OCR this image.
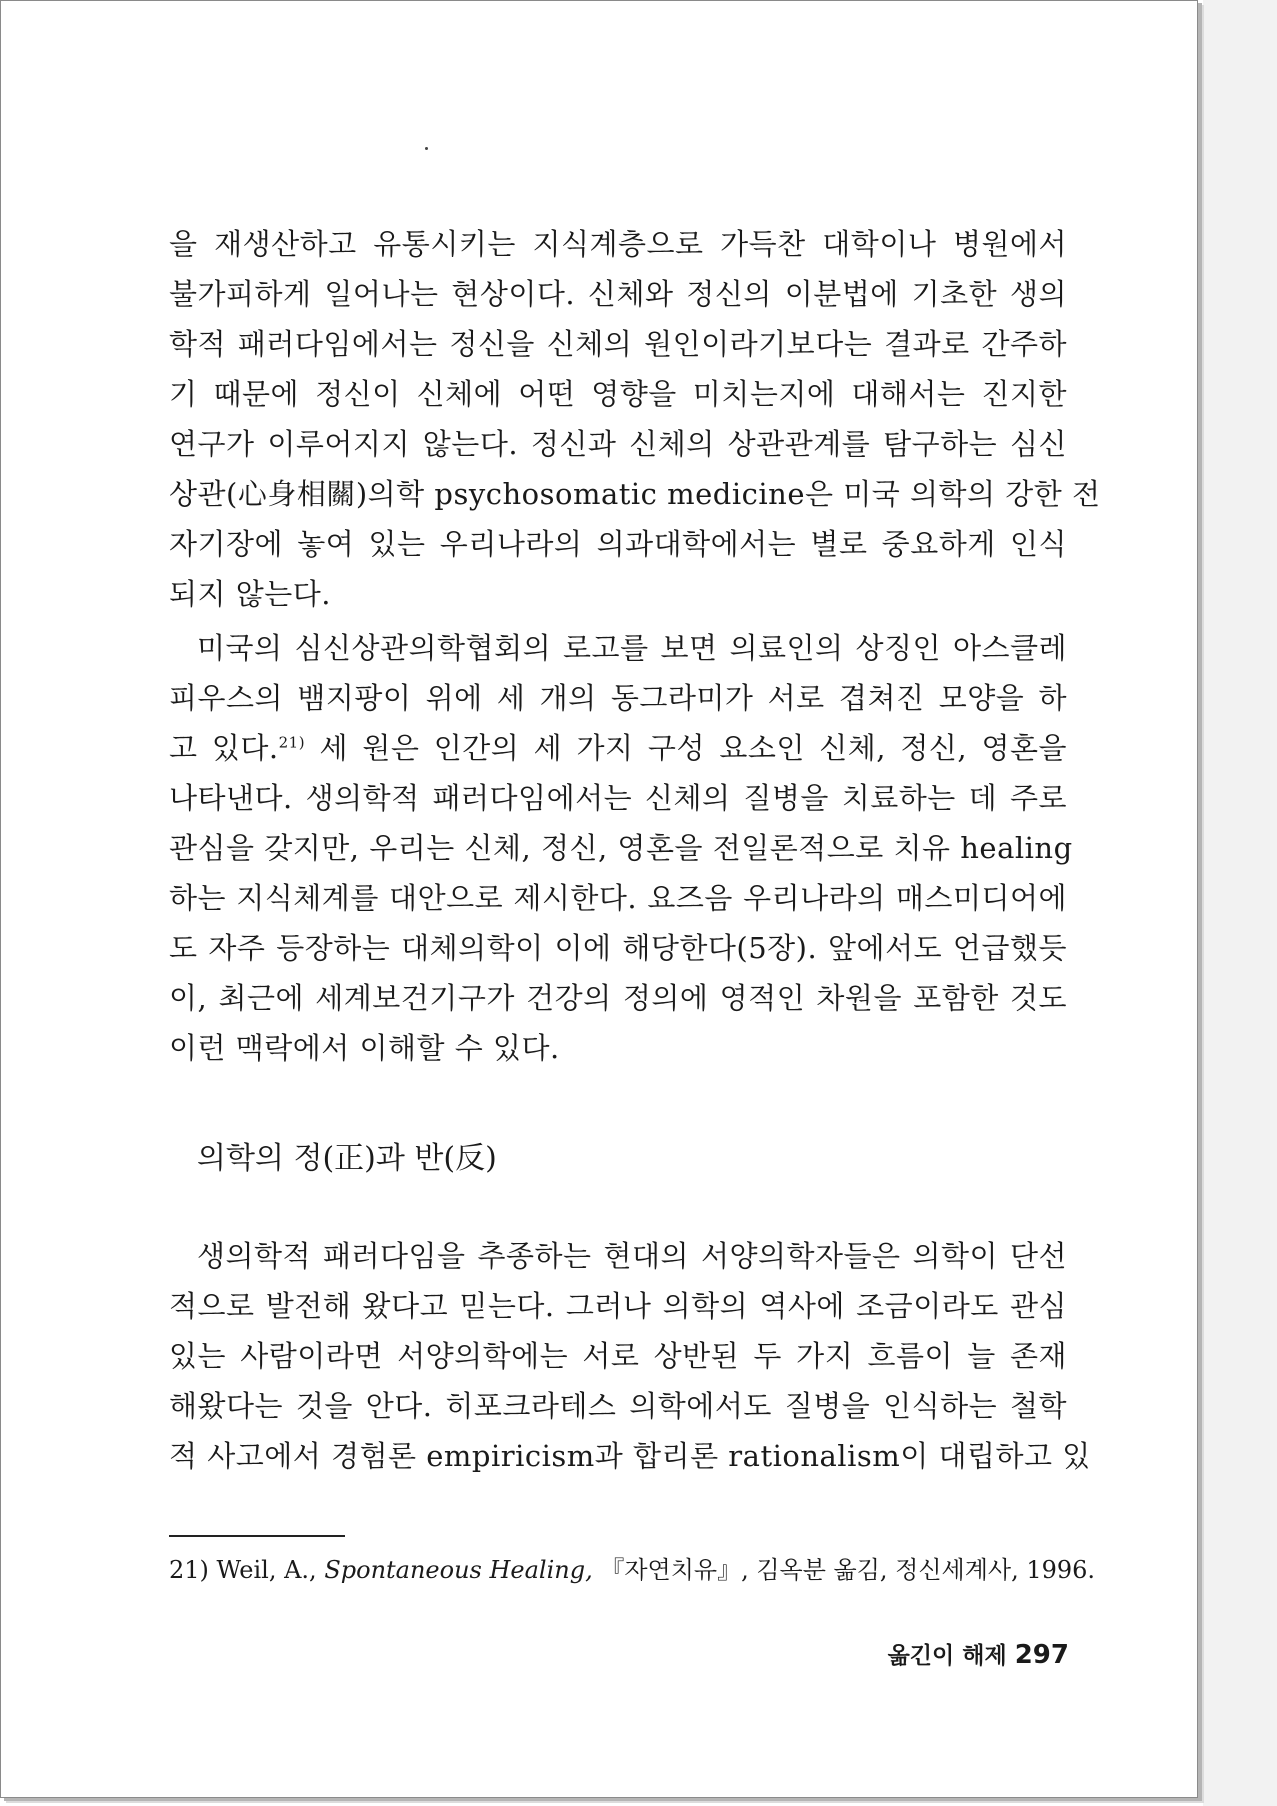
을 재생산하고 유통시키는 지식계층으로 가득찬 대학이나 병원에서
불가피하게 일어나는 현상이다. 신체와 정신의 이분법에 기초한 생의
학적 패러다임에서는 정신을 신체의 원인이라기보다는 결과로 간주하
기 때문에 정신이 신체에 어떤 영향을 미치는지에 대해서는 진지한
연구가 이루어지지 않는다. 정신과 신체의 상관관계를 탐구하는 심신
상관(心身相關)의학 psychosomatic medicine은 미국 의학의 강한 전
자기장에 놓여 있는 우리나라의 의과대학에서는 별로 중요하게 인식
되지 않는다.
미국의 심신상관의학협회의 로고를 보면 의료인의 상징인 아스클레
피우스의 뱀지팡이 위에 세 개의 동그라미가 서로 겹쳐진 모양을 하
고 있다.$^{21)}$ 세 원은 인간의 세 가지 구성 요소인 신체, 정신, 영혼을
나타낸다. 생의학적 패러다임에서는 신체의 질병을 치료하는 데 주로
관심을 갖지만, 우리는 신체, 정신, 영혼을 전일론적으로 치유 healing
하는 지식체계를 대안으로 제시한다. 요즈음 우리나라의 매스미디어에
도 자주 등장하는 대체의학이 이에 해당한다(5장). 앞에서도 언급했듯
이, 최근에 세계보건기구가 건강의 정의에 영적인 차원을 포함한 것도
이런 맥락에서 이해할 수 있다.
의학의 정(正)과 반(反)
생의학적 패러다임을 추종하는 현대의 서양의학자들은 의학이 단선
적으로 발전해 왔다고 믿는다. 그러나 의학의 역사에 조금이라도 관심
있는 사람이라면 서양의학에는 서로 상반된 두 가지 흐름이 늘 존재
해왔다는 것을 안다. 히포크라테스 의학에서도 질병을 인식하는 철학
적 사고에서 경험론 empiricism과 합리론 rationalism이 대립하고 있
21) Weil, A., Spontaneous Healing, 『자연치유』, 김옥분 옮김, 정신세계사, 1996.
옮긴이 해제 297
